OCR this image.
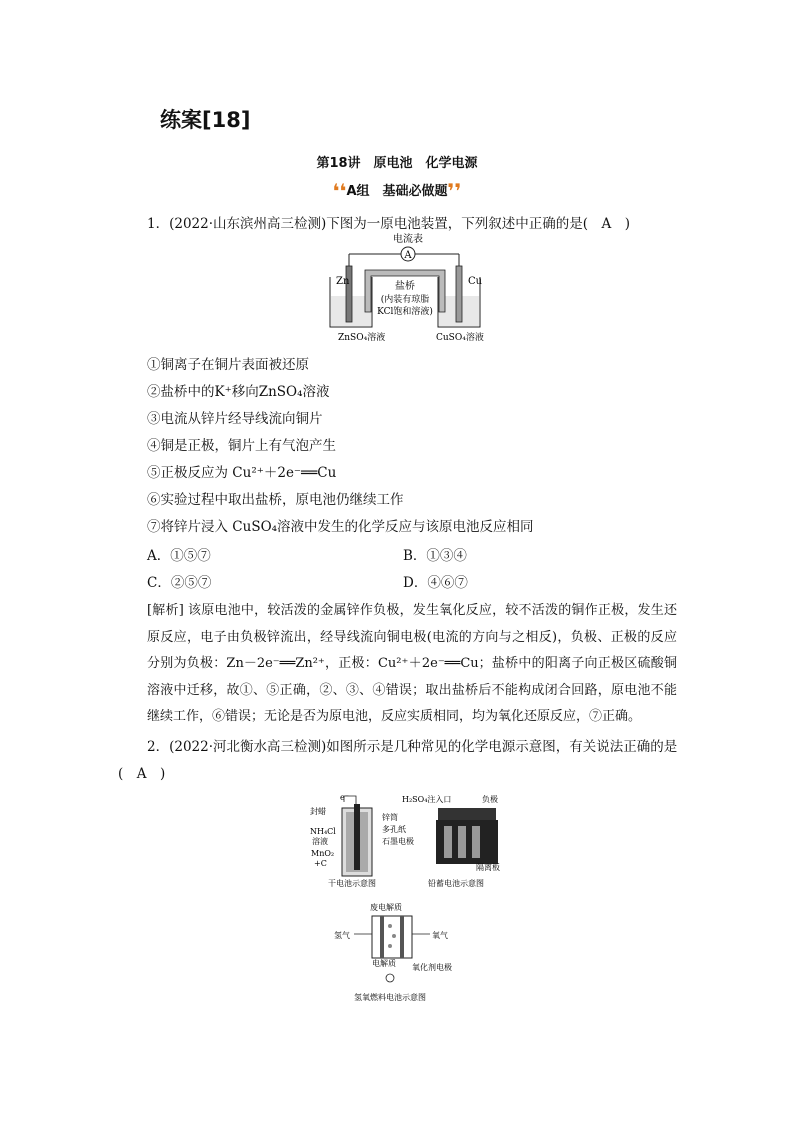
练案[18]
第18讲　原电池　化学电源
❛❛A组　基础必做题❜❜
1．(2022·山东滨州高三检测)下图为一原电池装置，下列叙述中正确的是(　A　)
A
电流表
Zn	Cu
盐桥
(内装有琼脂
KCl饱和溶液)
ZnSO₄溶液	CuSO₄溶液
①铜离子在铜片表面被还原
②盐桥中的K⁺移向ZnSO₄溶液
③电流从锌片经导线流向铜片
④铜是正极，铜片上有气泡产生
⑤正极反应为 Cu²⁺＋2e⁻══Cu
⑥实验过程中取出盐桥，原电池仍继续工作
⑦将锌片浸入 CuSO₄溶液中发生的化学反应与该原电池反应相同
A．①⑤⑦	B．①③④
C．②⑤⑦	D．④⑥⑦
[解析] 该原电池中，较活泼的金属锌作负极，发生氧化反应，较不活泼的铜作正极，发生还原反应，电子由负极锌流出，经导线流向铜电极(电流的方向与之相反)，负极、正极的反应分别为负极：Zn－2e⁻══Zn²⁺，正极：Cu²⁺＋2e⁻══Cu；盐桥中的阳离子向正极区硫酸铜溶液中迁移，故①、⑤正确，②、③、④错误；取出盐桥后不能构成闭合回路，原电池不能继续工作，⑥错误；无论是否为原电池，反应实质相同，均为氧化还原反应，⑦正确。
2．(2022·河北衡水高三检测)如图所示是几种常见的化学电源示意图，有关说法正确的是
(　A　)
e⁻
封蜡
NH₄Cl
溶液
MnO₂
+C
锌筒
多孔纸
石墨电极
干电池示意图
H₂SO₄注入口	负极
隔离板
铅蓄电池示意图
废电解质
氢气	氧气
电解质 氧化剂电极
氢氧燃料电池示意图
